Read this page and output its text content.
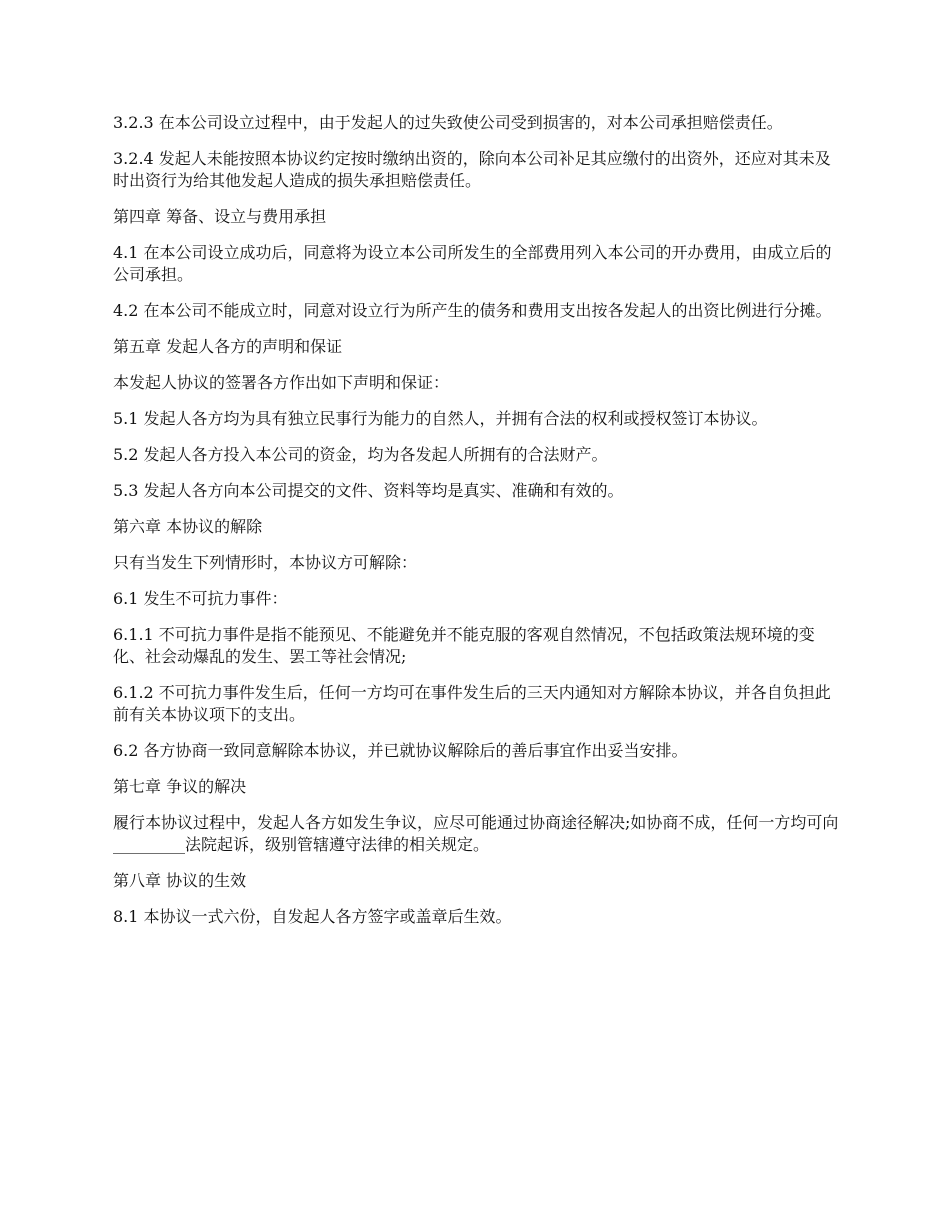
3.2.3 在本公司设立过程中，由于发起人的过失致使公司受到损害的，对本公司承担赔偿责任。

3.2.4 发起人未能按照本协议约定按时缴纳出资的，除向本公司补足其应缴付的出资外，还应对其未及时出资行为给其他发起人造成的损失承担赔偿责任。

第四章 筹备、设立与费用承担

4.1 在本公司设立成功后，同意将为设立本公司所发生的全部费用列入本公司的开办费用，由成立后的公司承担。

4.2 在本公司不能成立时，同意对设立行为所产生的债务和费用支出按各发起人的出资比例进行分摊。

第五章 发起人各方的声明和保证

本发起人协议的签署各方作出如下声明和保证：

5.1 发起人各方均为具有独立民事行为能力的自然人，并拥有合法的权利或授权签订本协议。

5.2 发起人各方投入本公司的资金，均为各发起人所拥有的合法财产。

5.3 发起人各方向本公司提交的文件、资料等均是真实、准确和有效的。

第六章 本协议的解除

只有当发生下列情形时，本协议方可解除：

6.1 发生不可抗力事件：

6.1.1 不可抗力事件是指不能预见、不能避免并不能克服的客观自然情况，不包括政策法规环境的变化、社会动爆乱的发生、罢工等社会情况;

6.1.2 不可抗力事件发生后，任何一方均可在事件发生后的三天内通知对方解除本协议，并各自负担此前有关本协议项下的支出。

6.2 各方协商一致同意解除本协议，并已就协议解除后的善后事宜作出妥当安排。

第七章 争议的解决

履行本协议过程中，发起人各方如发生争议，应尽可能通过协商途径解决;如协商不成，任何一方均可向_________法院起诉，级别管辖遵守法律的相关规定。

第八章 协议的生效

8.1 本协议一式六份，自发起人各方签字或盖章后生效。
